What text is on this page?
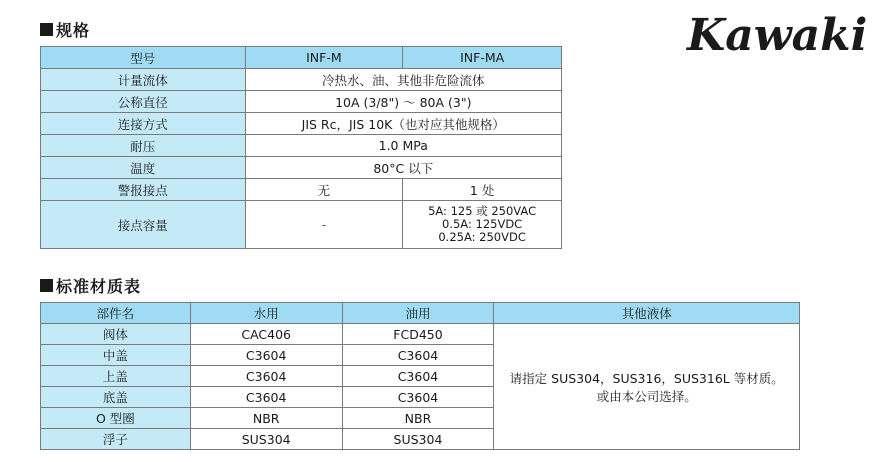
Kawaki
规格
型号	INF-M	INF-MA
计量流体	冷热水、油、其他非危险流体	
公称直径	10A (3/8") ～ 80A (3")	
连接方式	JIS Rc，JIS 10K（也对应其他规格）	
耐压	1.0 MPa	
温度	80°C 以下	
警报接点	无	1 处
接点容量	-	5A: 125 或 250VAC
0.5A: 125VDC
0.25A: 250VDC
标准材质表
部件名	水用	油用	其他液体
阀体	CAC406	FCD450	请指定 SUS304，SUS316，SUS316L 等材质。
或由本公司选择。

中盖	C3604	C3604	
上盖	C3604	C3604	
底盖	C3604	C3604	
O 型圈	NBR	NBR	
浮子	SUS304	SUS304	
